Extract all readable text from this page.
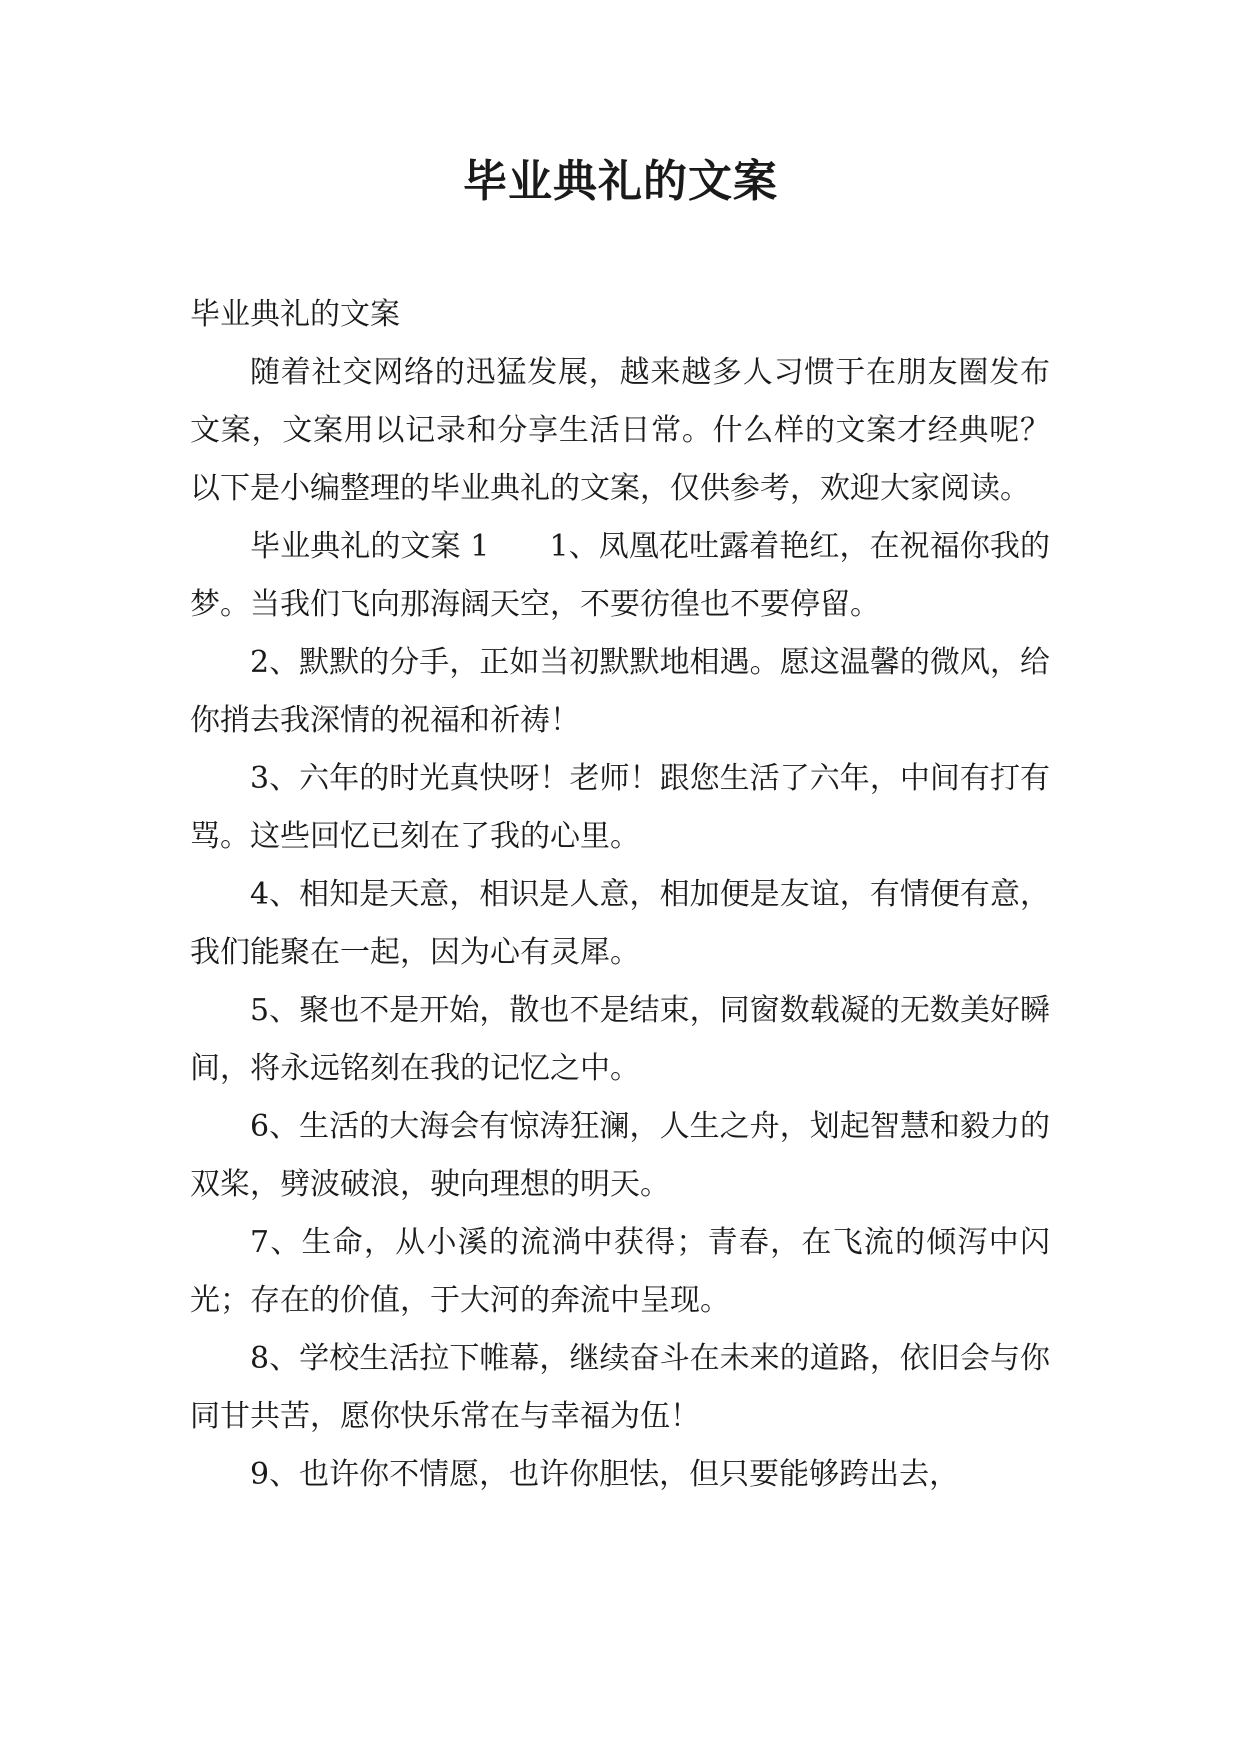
毕业典礼的文案

毕业典礼的文案

随着社交网络的迅猛发展，越来越多人习惯于在朋友圈发布文案，文案用以记录和分享生活日常。什么样的文案才经典呢？以下是小编整理的毕业典礼的文案，仅供参考，欢迎大家阅读。

毕业典礼的文案 1　　1、凤凰花吐露着艳红，在祝福你我的梦。当我们飞向那海阔天空，不要彷徨也不要停留。

2、默默的分手，正如当初默默地相遇。愿这温馨的微风，给你捎去我深情的祝福和祈祷！

3、六年的时光真快呀！老师！跟您生活了六年，中间有打有骂。这些回忆已刻在了我的心里。

4、相知是天意，相识是人意，相加便是友谊，有情便有意，我们能聚在一起，因为心有灵犀。

5、聚也不是开始，散也不是结束，同窗数载凝的无数美好瞬间，将永远铭刻在我的记忆之中。

6、生活的大海会有惊涛狂澜，人生之舟，划起智慧和毅力的双桨，劈波破浪，驶向理想的明天。

7、生命，从小溪的流淌中获得；青春，在飞流的倾泻中闪光；存在的价值，于大河的奔流中呈现。

8、学校生活拉下帷幕，继续奋斗在未来的道路，依旧会与你同甘共苦，愿你快乐常在与幸福为伍！

9、也许你不情愿，也许你胆怯，但只要能够跨出去，
